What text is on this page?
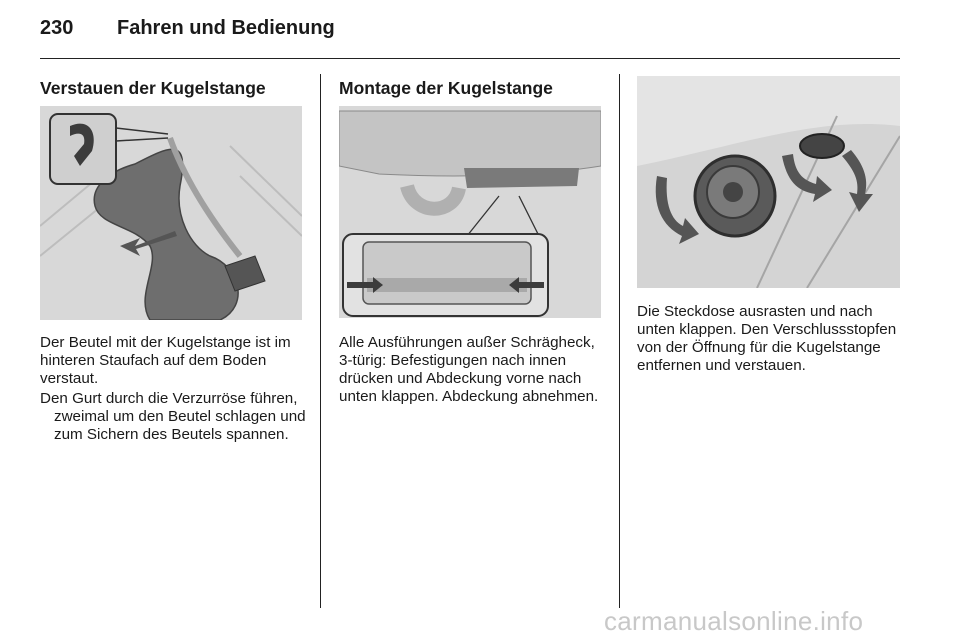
230 Fahren und Bedienung
Verstauen der Kugelstange

Der Beutel mit der Kugelstange ist im hinteren Staufach auf dem Boden verstaut.

Den Gurt durch die Verzurröse führen, zweimal um den Beutel schlagen und zum Sichern des Beutels spannen.

Montage der Kugelstange

Alle Ausführungen außer Schrägheck, 3-türig: Befestigungen nach innen drücken und Abdeckung vorne nach unten klappen. Abdeckung abnehmen.

Die Steckdose ausrasten und nach unten klappen. Den Verschlussstopfen von der Öffnung für die Kugelstange entfernen und verstauen.

carmanualsonline.info
